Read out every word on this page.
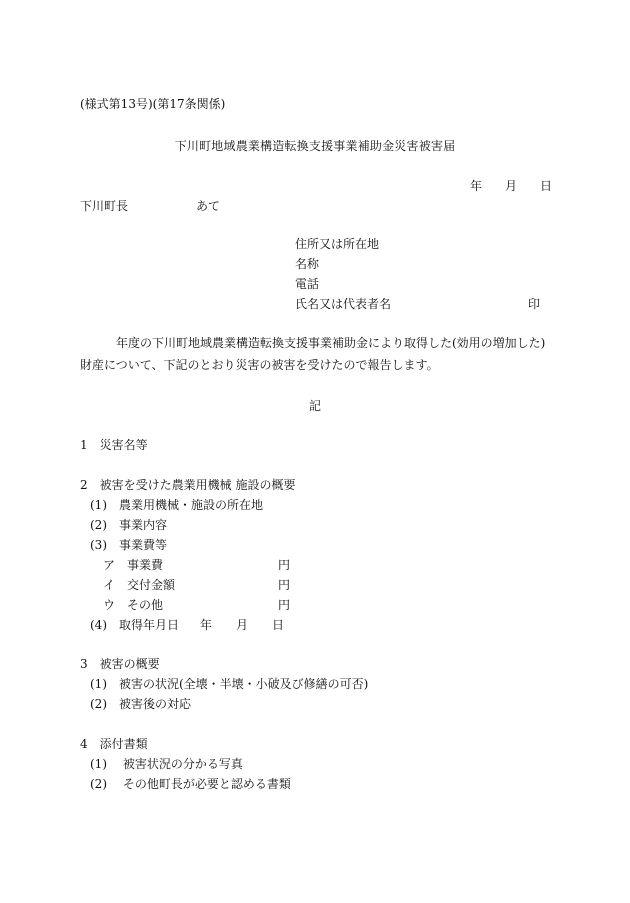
(様式第13号)(第17条関係)
下川町地域農業構造転換支援事業補助金災害被害届
年 月 日
下川町長	あて
住所又は所在地
名称
電話
氏名又は代表者名	印
年度の下川町地域農業構造転換支援事業補助金により取得した(効用の増加した)財産について、下記のとおり災害の被害を受けたので報告します。
記
1　災害名等
2　被害を受けた農業用機械 施設の概要
(1)　農業用機械・施設の所在地
(2)　事業内容
(3)　事業費等
ア　事業費	円
イ　交付金額	円
ウ　その他	円
(4)　取得年月日 年 月 日
3　被害の概要
(1)　被害の状況(全壊・半壊・小破及び修繕の可否)
(2)　被害後の対応
4　添付書類
(1)　 被害状況の分かる写真
(2)　 その他町長が必要と認める書類
